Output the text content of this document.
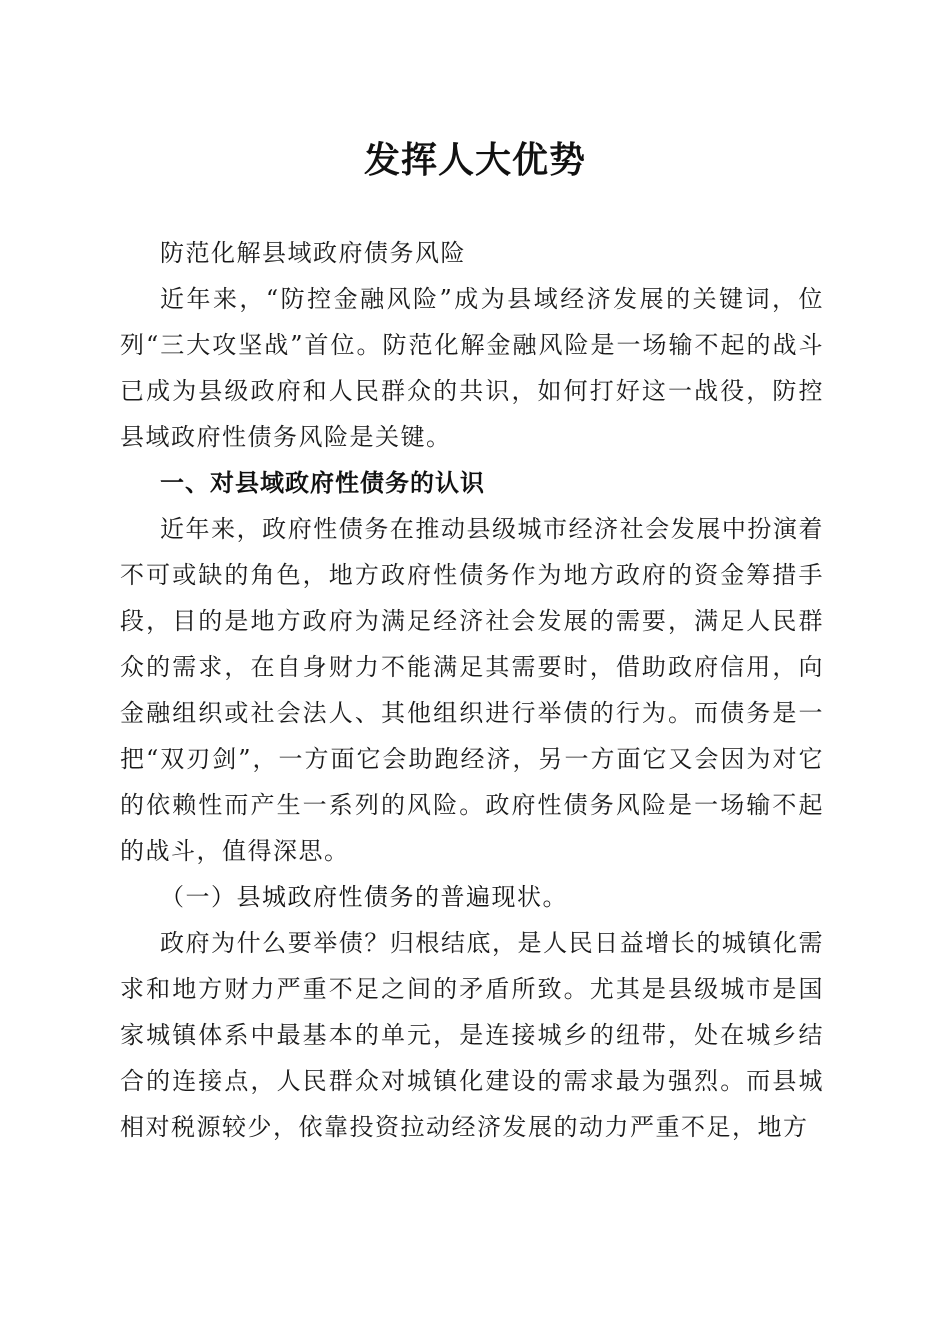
发挥人大优势

防范化解县域政府债务风险

近年来，“防控金融风险”成为县域经济发展的关键词，位列“三大攻坚战”首位。防范化解金融风险是一场输不起的战斗已成为县级政府和人民群众的共识，如何打好这一战役，防控县域政府性债务风险是关键。

一、对县域政府性债务的认识

近年来，政府性债务在推动县级城市经济社会发展中扮演着不可或缺的角色，地方政府性债务作为地方政府的资金筹措手段，目的是地方政府为满足经济社会发展的需要，满足人民群众的需求，在自身财力不能满足其需要时，借助政府信用，向金融组织或社会法人、其他组织进行举债的行为。而债务是一把“双刃剑”，一方面它会助跑经济，另一方面它又会因为对它的依赖性而产生一系列的风险。政府性债务风险是一场输不起的战斗，值得深思。

（一）县城政府性债务的普遍现状。

政府为什么要举债？归根结底，是人民日益增长的城镇化需求和地方财力严重不足之间的矛盾所致。尤其是县级城市是国家城镇体系中最基本的单元，是连接城乡的纽带，处在城乡结合的连接点，人民群众对城镇化建设的需求最为强烈。而县城相对税源较少，依靠投资拉动经济发展的动力严重不足，地方
